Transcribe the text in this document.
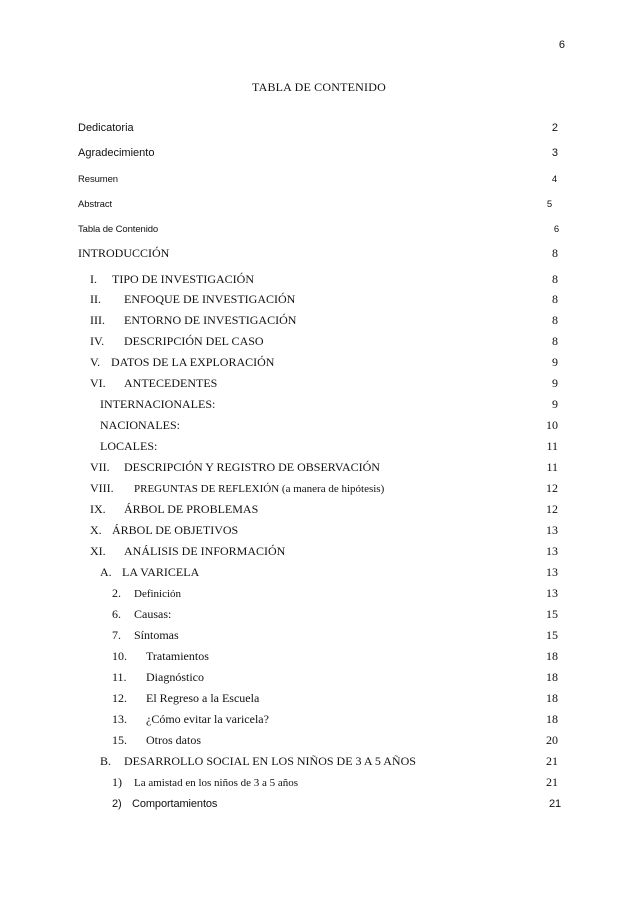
6
TABLA DE CONTENIDO
Dedicatoria	2
Agradecimiento	3
Resumen	4
Abstract	5
Tabla de Contenido	6
INTRODUCCIÓN	8
I.	TIPO DE INVESTIGACIÓN	8
II.	ENFOQUE DE INVESTIGACIÓN	8
III.	ENTORNO DE INVESTIGACIÓN	8
IV.	DESCRIPCIÓN DEL CASO	8
V. DATOS DE LA EXPLORACIÓN	9
VI.	ANTECEDENTES	9
INTERNACIONALES:	9
NACIONALES:	10
LOCALES:	11
VII.	DESCRIPCIÓN Y REGISTRO DE OBSERVACIÓN	11
VIII.	PREGUNTAS DE REFLEXIÓN (a manera de hipótesis)	12
IX.	ÁRBOL DE PROBLEMAS	12
X. ÁRBOL DE OBJETIVOS	13
XI.	ANÁLISIS DE INFORMACIÓN	13
A. LA VARICELA	13
2.	Definición	13
6.	Causas:	15
7.	Síntomas	15
10.	Tratamientos	18
11.	Diagnóstico	18
12.	El Regreso a la Escuela	18
13.	¿Cómo evitar la varicela?	18
15.	Otros datos	20
B.	DESARROLLO SOCIAL EN LOS NIÑOS DE 3 A 5 AÑOS	21
1)	La amistad en los niños de 3 a 5 años	21
2) Comportamientos	21
